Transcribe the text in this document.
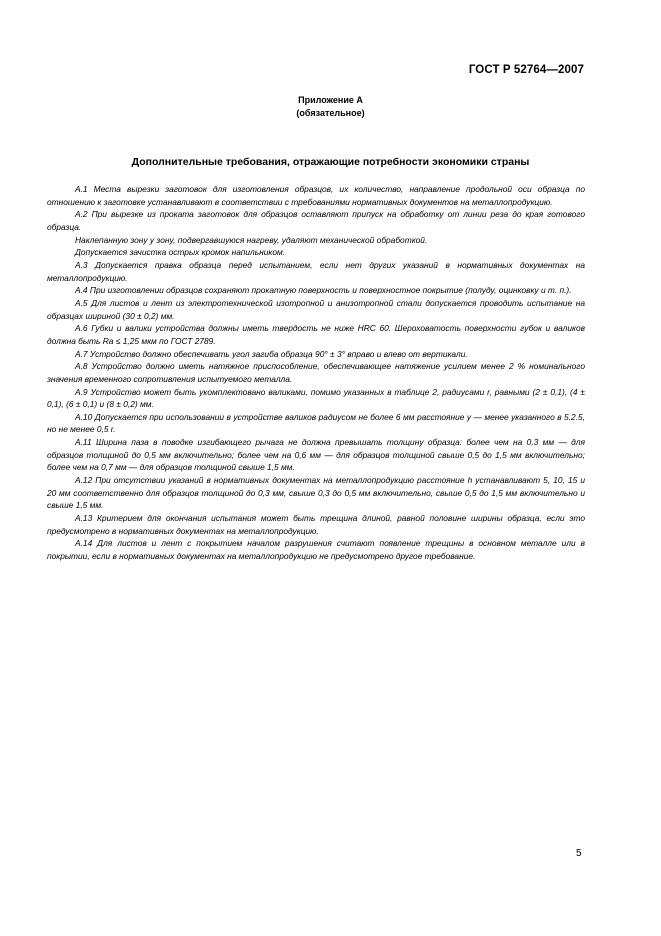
ГОСТ Р 52764—2007
Приложение А
(обязательное)
Дополнительные требования, отражающие потребности экономики страны

А.1 Места вырезки заготовок для изготовления образцов, их количество, направление продольной оси образца по отношению к заготовке устанавливают в соответствии с требованиями нормативных документов на металлопродукцию.

А.2 При вырезке из проката заготовок для образцов оставляют припуск на обработку от линии реза до края готового образца.

Наклепанную зону у зону, подвергавшуюся нагреву, удаляют механической обработкой.

Допускается зачистка острых кромок напильником.

А.3 Допускается правка образца перед испытанием, если нет других указаний в нормативных документах на металлопродукцию.

А.4 При изготовлении образцов сохраняют прокатную поверхность и поверхностное покрытие (полуду, оцинковку и т. п.).

А.5 Для листов и лент из электротехнической изотропной и анизотропной стали допускается проводить испытание на образцах шириной (30 ± 0,2) мм.

А.6 Губки и валики устройства должны иметь твердость не ниже HRC 60. Шероховатость поверхности губок и валиков должна быть Ra ≤ 1,25 мкм по ГОСТ 2789.

А.7 Устройство должно обеспечивать угол загиба образца 90° ± 3° вправо и влево от вертикали.

А.8 Устройство должно иметь натяжное приспособление, обеспечивающее натяжение усилием менее 2 % номинального значения временного сопротивления испытуемого металла.

А.9 Устройство может быть укомплектовано валиками, помимо указанных в таблице 2, радиусами r, равными (2 ± 0,1), (4 ± 0,1), (6 ± 0,1) и (8 ± 0,2) мм.

А.10 Допускается при использовании в устройстве валиков радиусом не более 6 мм расстояние y — менее указанного в 5.2.5, но не менее 0,5 r.

А.11 Ширина паза в поводке изгибающего рычага не должна превышать толщину образца: более чем на 0,3 мм — для образцов толщиной до 0,5 мм включительно; более чем на 0,6 мм — для образцов толщиной свыше 0,5 до 1,5 мм включительно; более чем на 0,7 мм — для образцов толщиной свыше 1,5 мм.

А.12 При отсутствии указаний в нормативных документах на металлопродукцию расстояние h устанавливают 5, 10, 15 и 20 мм соответственно для образцов толщиной до 0,3 мм, свыше 0,3 до 0,5 мм включительно, свыше 0,5 до 1,5 мм включительно и свыше 1,5 мм.

А.13 Критерием для окончания испытания может быть трещина длиной, равной половине ширины образца, если это предусмотрено в нормативных документах на металлопродукцию.

А.14 Для листов и лент с покрытием началом разрушения считают появление трещины в основном металле или в покрытии, если в нормативных документах на металлопродукцию не предусмотрено другое требование.

5
